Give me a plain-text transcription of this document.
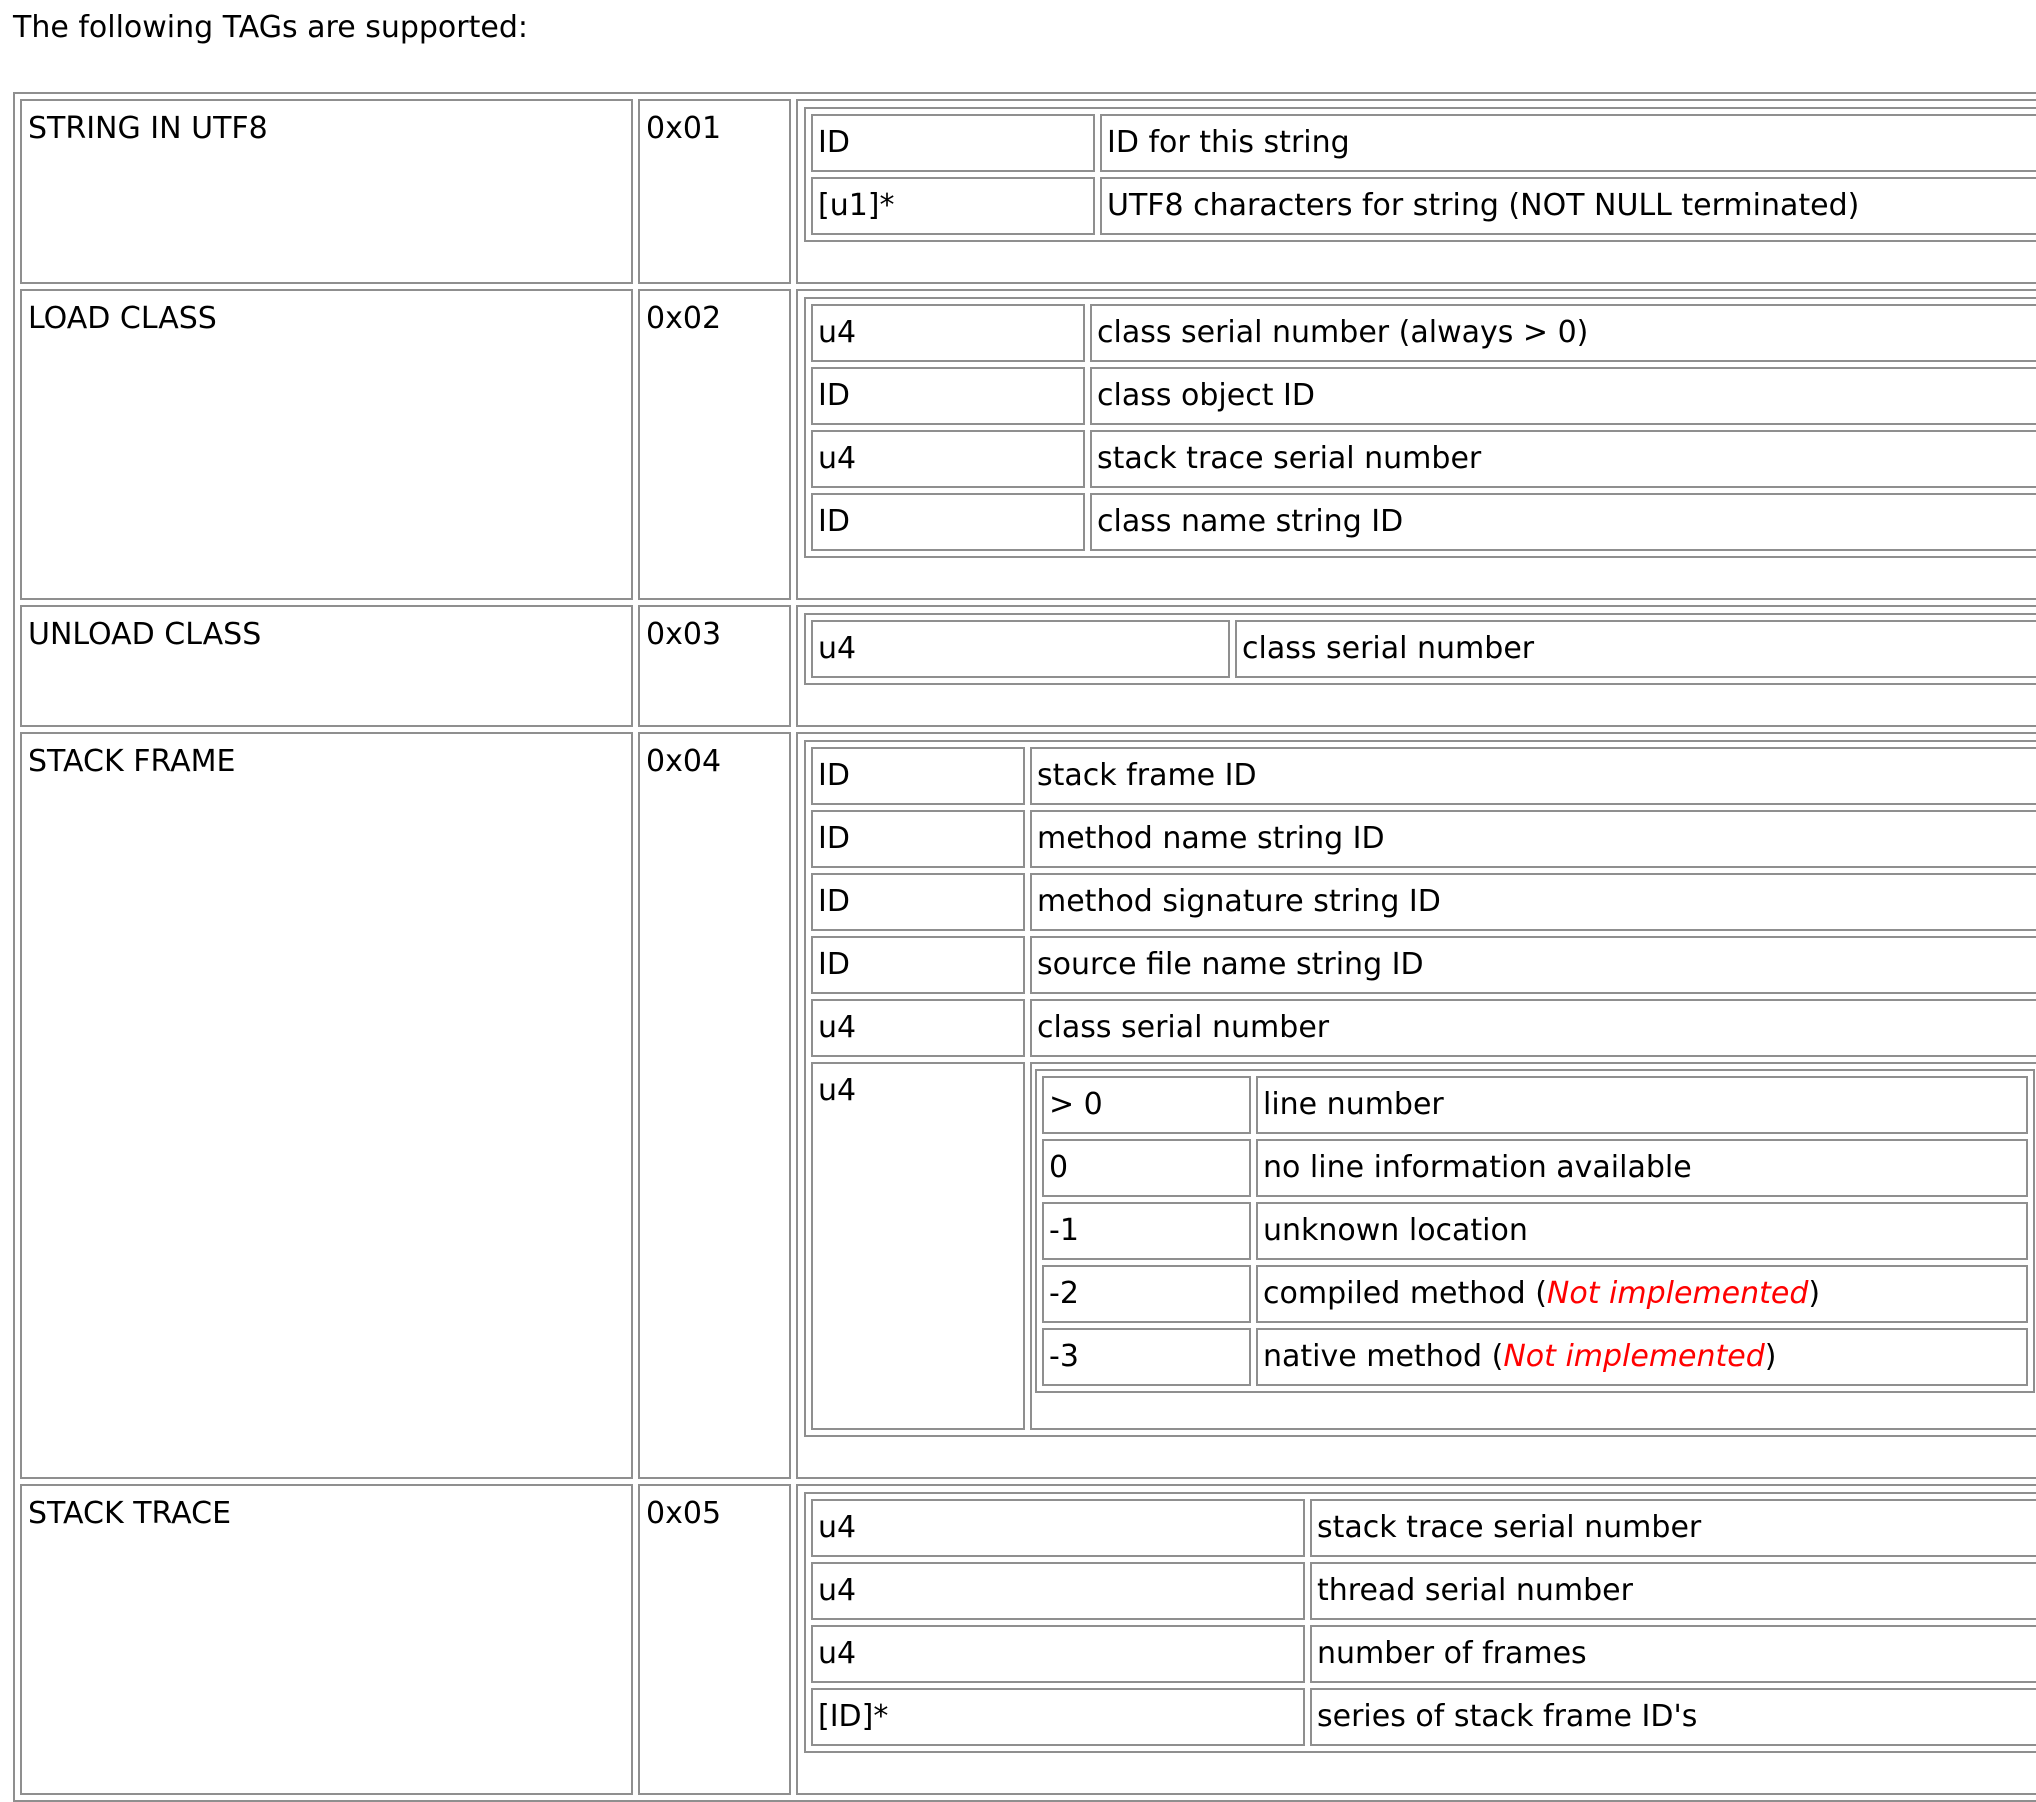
The following TAGs are supported:

STRING IN UTF8	0x01		ID	ID for this string
[u1]*	UTF8 characters for string (NOT NULL terminated)

LOAD CLASS	0x02		u4	class serial number (always > 0)
ID	class object ID
u4	stack trace serial number
ID	class name string ID

UNLOAD CLASS	0x03		u4	class serial number

STACK FRAME	0x04		ID	stack frame ID
ID	method name string ID
ID	method signature string ID
ID	source file name string ID
u4	class serial number
u4		> 0	line number
0	no line information available
-1	unknown location
-2	compiled method (Not implemented)
-3	native method (Not implemented)

STACK TRACE	0x05		u4	stack trace serial number
u4	thread serial number
u4	number of frames
[ID]*	series of stack frame ID's
